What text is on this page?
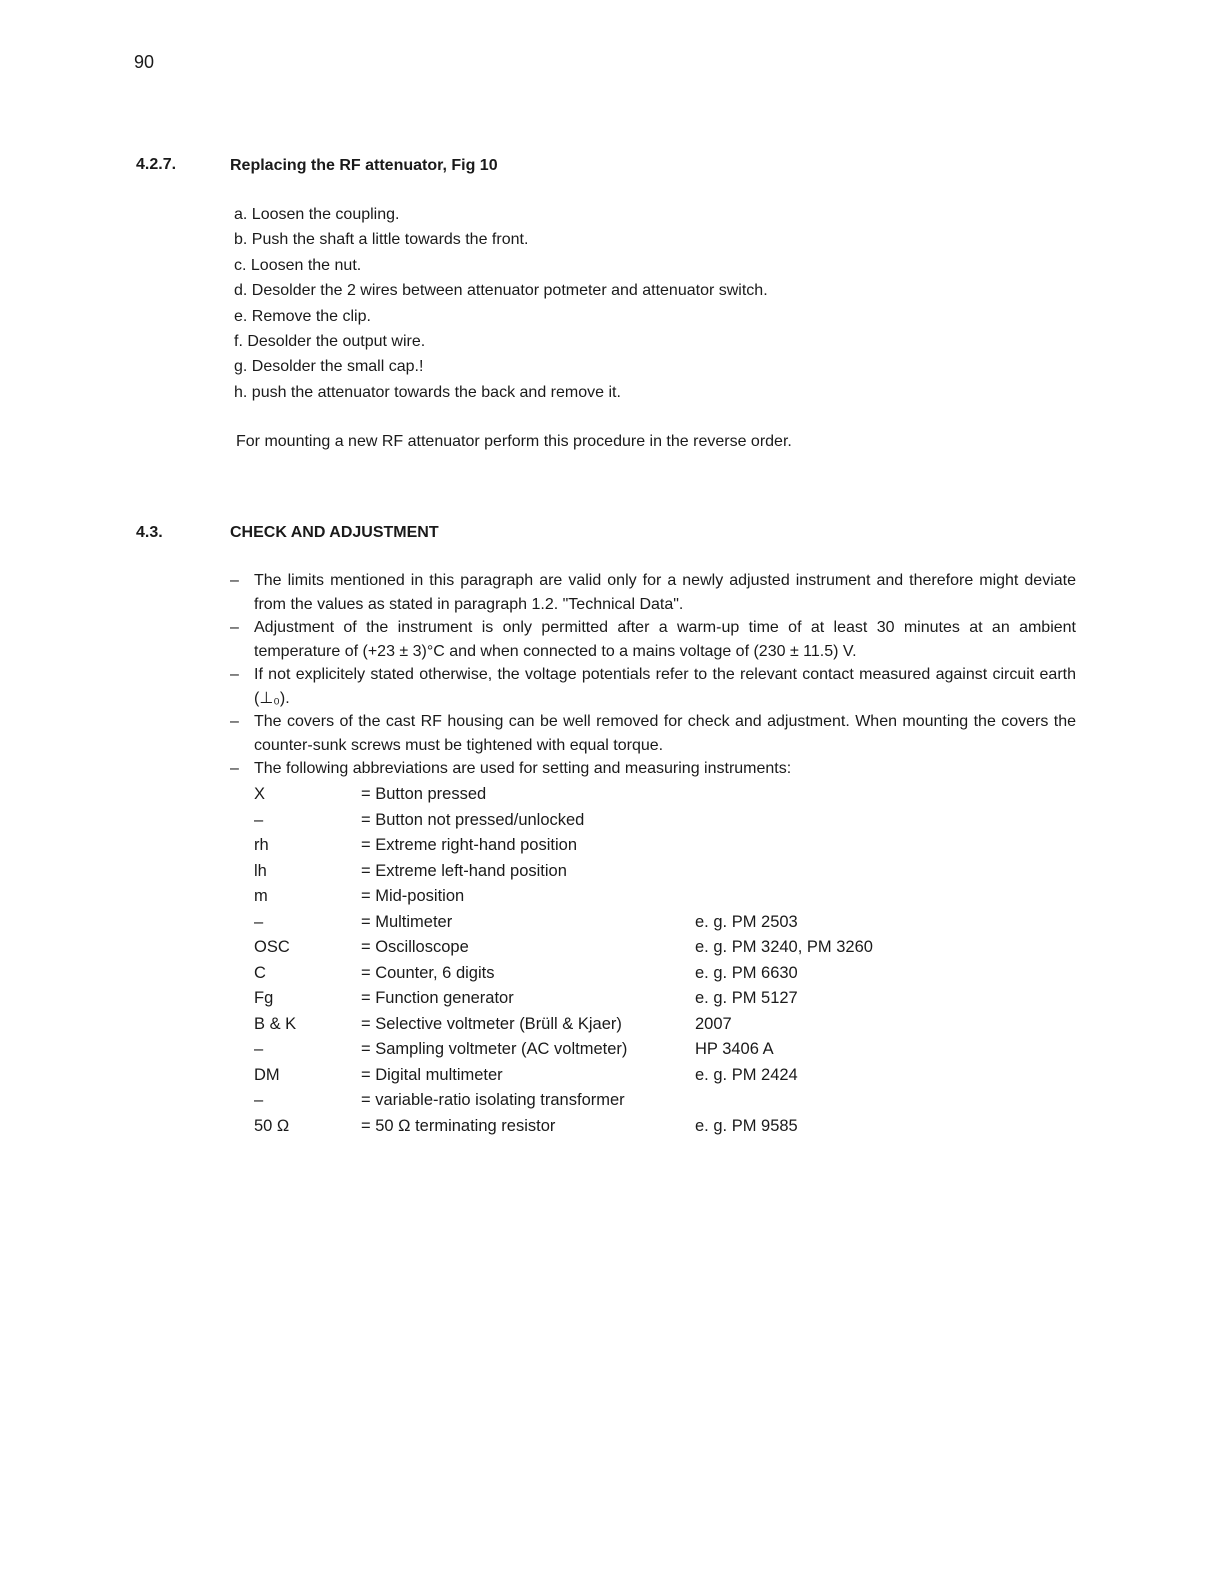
90
4.2.7.	Replacing the RF attenuator, Fig 10
a. Loosen the coupling.
b. Push the shaft a little towards the front.
c. Loosen the nut.
d. Desolder the 2 wires between attenuator potmeter and attenuator switch.
e. Remove the clip.
f. Desolder the output wire.
g. Desolder the small cap.!
h. push the attenuator towards the back and remove it.
For mounting a new RF attenuator perform this procedure in the reverse order.
4.3.	CHECK AND ADJUSTMENT
– The limits mentioned in this paragraph are valid only for a newly adjusted instrument and therefore might deviate from the values as stated in paragraph 1.2. "Technical Data".
– Adjustment of the instrument is only permitted after a warm-up time of at least 30 minutes at an ambient temperature of (+23 ± 3)°C and when connected to a mains voltage of (230 ± 11.5) V.
– If not explicitely stated otherwise, the voltage potentials refer to the relevant contact measured against circuit earth (⊥₀).
– The covers of the cast RF housing can be well removed for check and adjustment. When mounting the covers the counter-sunk screws must be tightened with equal torque.
– The following abbreviations are used for setting and measuring instruments:
X	= Button pressed
–	= Button not pressed/unlocked
rh	= Extreme right-hand position
lh	= Extreme left-hand position
m	= Mid-position
–	= Multimeter	e. g. PM 2503
OSC	= Oscilloscope	e. g. PM 3240, PM 3260
C	= Counter, 6 digits	e. g. PM 6630
Fg	= Function generator	e. g. PM 5127
B & K	= Selective voltmeter (Brüll & Kjaer)	2007
–	= Sampling voltmeter (AC voltmeter)	HP 3406 A
DM	= Digital multimeter	e. g. PM 2424
–	= variable-ratio isolating transformer
50 Ω	= 50 Ω terminating resistor	e. g. PM 9585
